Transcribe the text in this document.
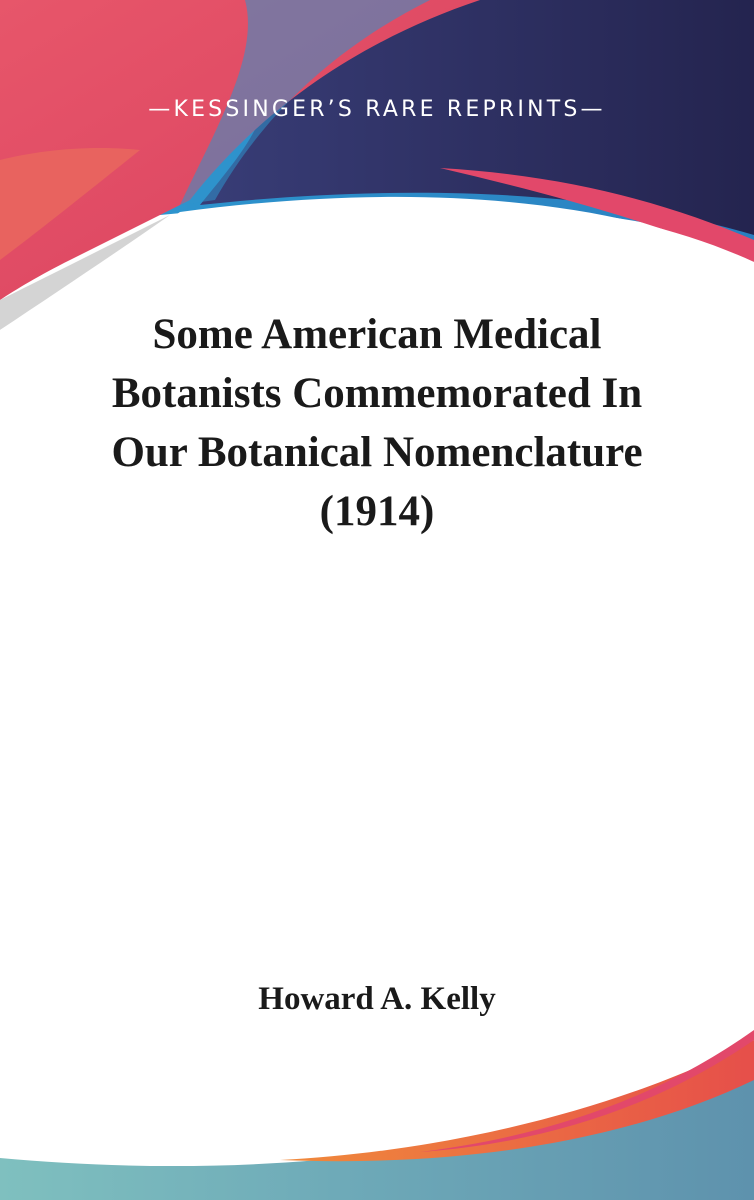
—KESSINGER’S RARE REPRINTS—
Some American Medical
Botanists Commemorated In
Our Botanical Nomenclature
(1914)
Howard A. Kelly
